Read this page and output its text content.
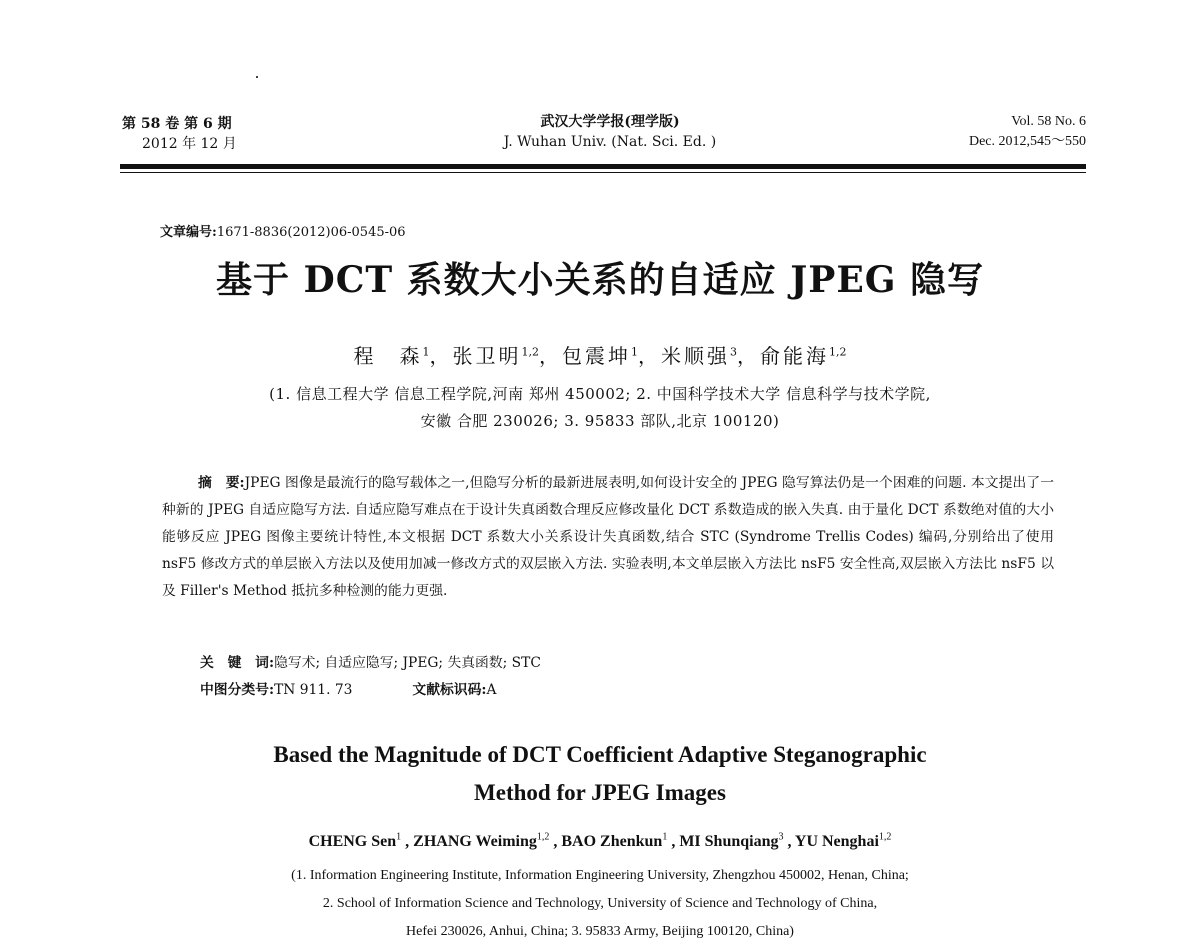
第 58 卷 第 6 期
2012 年 12 月
武汉大学学报(理学版)
J. Wuhan Univ. (Nat. Sci. Ed. )
Vol. 58 No. 6
Dec. 2012,545～550
文章编号:1671-8836(2012)06-0545-06
基于 DCT 系数大小关系的自适应 JPEG 隐写
程　森$^1$，张卫明$^{1,2}$，包震坤$^1$，米顺强$^3$，俞能海$^{1,2}$
(1. 信息工程大学 信息工程学院,河南 郑州 450002; 2. 中国科学技术大学 信息科学与技术学院,
安徽 合肥 230026; 3. 95833 部队,北京 100120)
摘　要:JPEG 图像是最流行的隐写载体之一,但隐写分析的最新进展表明,如何设计安全的 JPEG 隐写算法仍是一个困难的问题. 本文提出了一种新的 JPEG 自适应隐写方法. 自适应隐写难点在于设计失真函数合理反应修改量化 DCT 系数造成的嵌入失真. 由于量化 DCT 系数绝对值的大小能够反应 JPEG 图像主要统计特性,本文根据 DCT 系数大小关系设计失真函数,结合 STC (Syndrome Trellis Codes) 编码,分别给出了使用 nsF5 修改方式的单层嵌入方法以及使用加减一修改方式的双层嵌入方法. 实验表明,本文单层嵌入方法比 nsF5 安全性高,双层嵌入方法比 nsF5 以及 Filler's Method 抵抗多种检测的能力更强.
关　键　词:隐写术; 自适应隐写; JPEG; 失真函数; STC
中图分类号:TN 911. 73	文献标识码:A
Based the Magnitude of DCT Coefficient Adaptive Steganographic
Method for JPEG Images
CHENG Sen$^1$ , ZHANG Weiming$^{1,2}$ , BAO Zhenkun$^1$ , MI Shunqiang$^3$ , YU Nenghai$^{1,2}$
(1. Information Engineering Institute, Information Engineering University, Zhengzhou 450002, Henan, China;
2. School of Information Science and Technology, University of Science and Technology of China,
Hefei 230026, Anhui, China; 3. 95833 Army, Beijing 100120, China)
